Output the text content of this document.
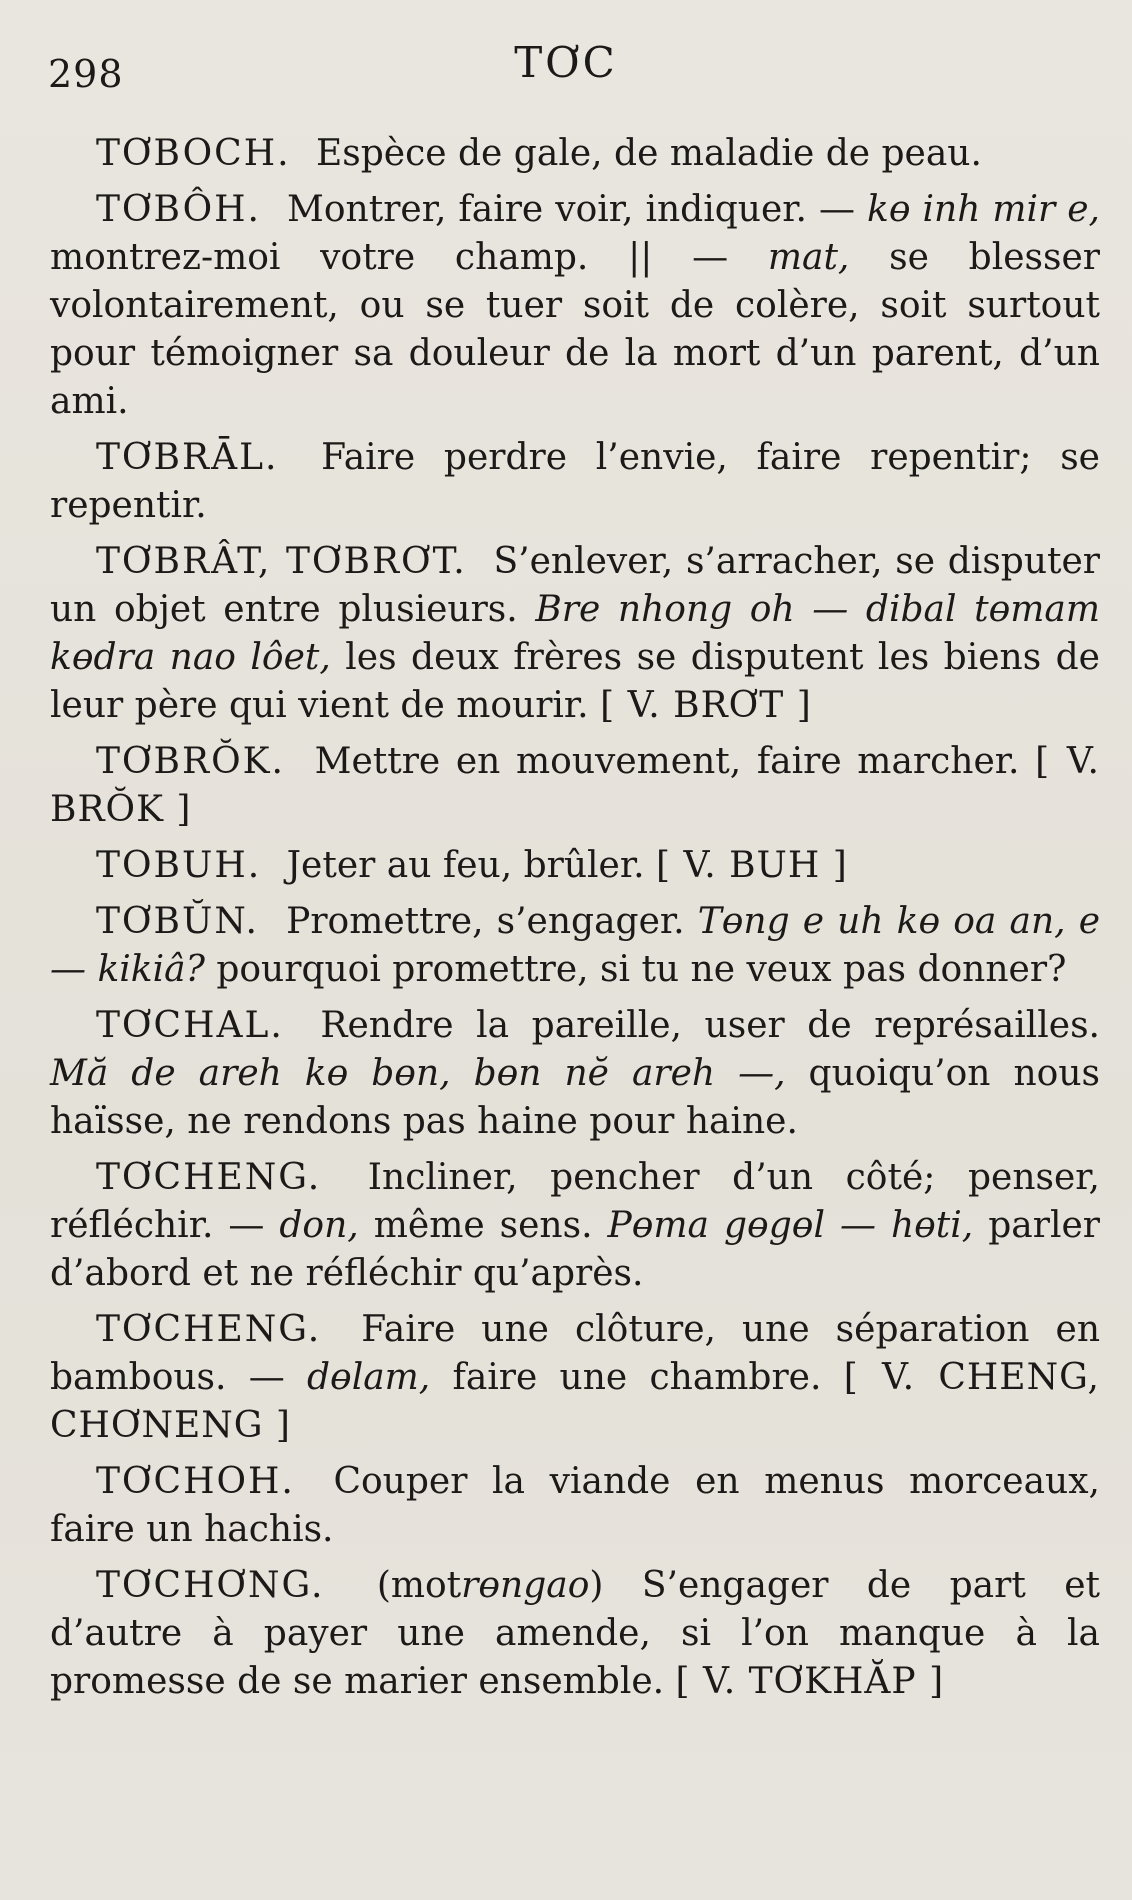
298	TƠC

TƠBOCH. Espèce de gale, de maladie de peau.

TƠBÔH. Montrer, faire voir, indiquer. — kɵ inh mir e, montrez-moi votre champ. || — mat, se blesser volontairement, ou se tuer soit de colère, soit surtout pour témoigner sa douleur de la mort d’un parent, d’un ami.

TƠBRĀL. Faire perdre l’envie, faire repentir; se repentir.

TƠBRÂT, TƠBRƠT. S’enlever, s’arracher, se disputer un objet entre plusieurs. Bre nhong oh — dibal tɵmam kɵdra nao lôet, les deux frères se disputent les biens de leur père qui vient de mourir. [ V. BRƠT ]

TƠBRŎK. Mettre en mouvement, faire marcher. [ V. BRŎK ]

TOBUH. Jeter au feu, brûler. [ V. BUH ]

TƠBŬN. Promettre, s’engager. Tɵng e uh kɵ oa an, e — kikiâ? pourquoi promettre, si tu ne veux pas donner?

TƠCHAL. Rendre la pareille, user de représailles. Mă de areh kɵ bɵn, bɵn nĕ areh —, quoiqu’on nous haïsse, ne rendons pas haine pour haine.

TƠCHENG. Incliner, pencher d’un côté; penser, réfléchir. — don, même sens. Pɵma gɵgɵl — hɵti, parler d’abord et ne réfléchir qu’après.

TƠCHENG. Faire une clôture, une séparation en bambous. — dɵlam, faire une chambre. [ V. CHENG, CHƠNENG ]

TƠCHOH. Couper la viande en menus morceaux, faire un hachis.

TƠCHƠNG. (motrɵngao) S’engager de part et d’autre à payer une amende, si l’on manque à la promesse de se marier ensemble. [ V. TƠKHĂP ]
